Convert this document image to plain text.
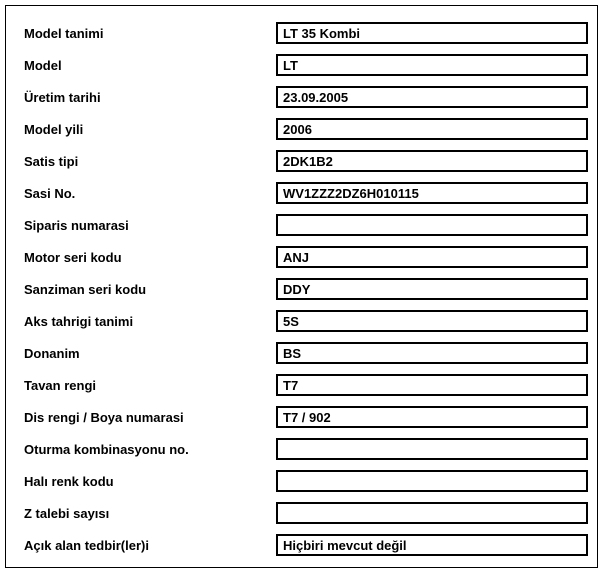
Model tanimi	LT 35 Kombi
Model	LT
Üretim tarihi	23.09.2005
Model yili	2006
Satis tipi	2DK1B2
Sasi No.	WV1ZZZ2DZ6H010115
Siparis numarasi
Motor seri kodu	ANJ
Sanziman seri kodu	DDY
Aks tahrigi tanimi	5S
Donanim	BS
Tavan rengi	T7
Dis rengi / Boya numarasi	T7 / 902
Oturma kombinasyonu no.
Halı renk kodu
Z talebi sayısı
Açık alan tedbir(ler)i	Hiçbiri mevcut değil
